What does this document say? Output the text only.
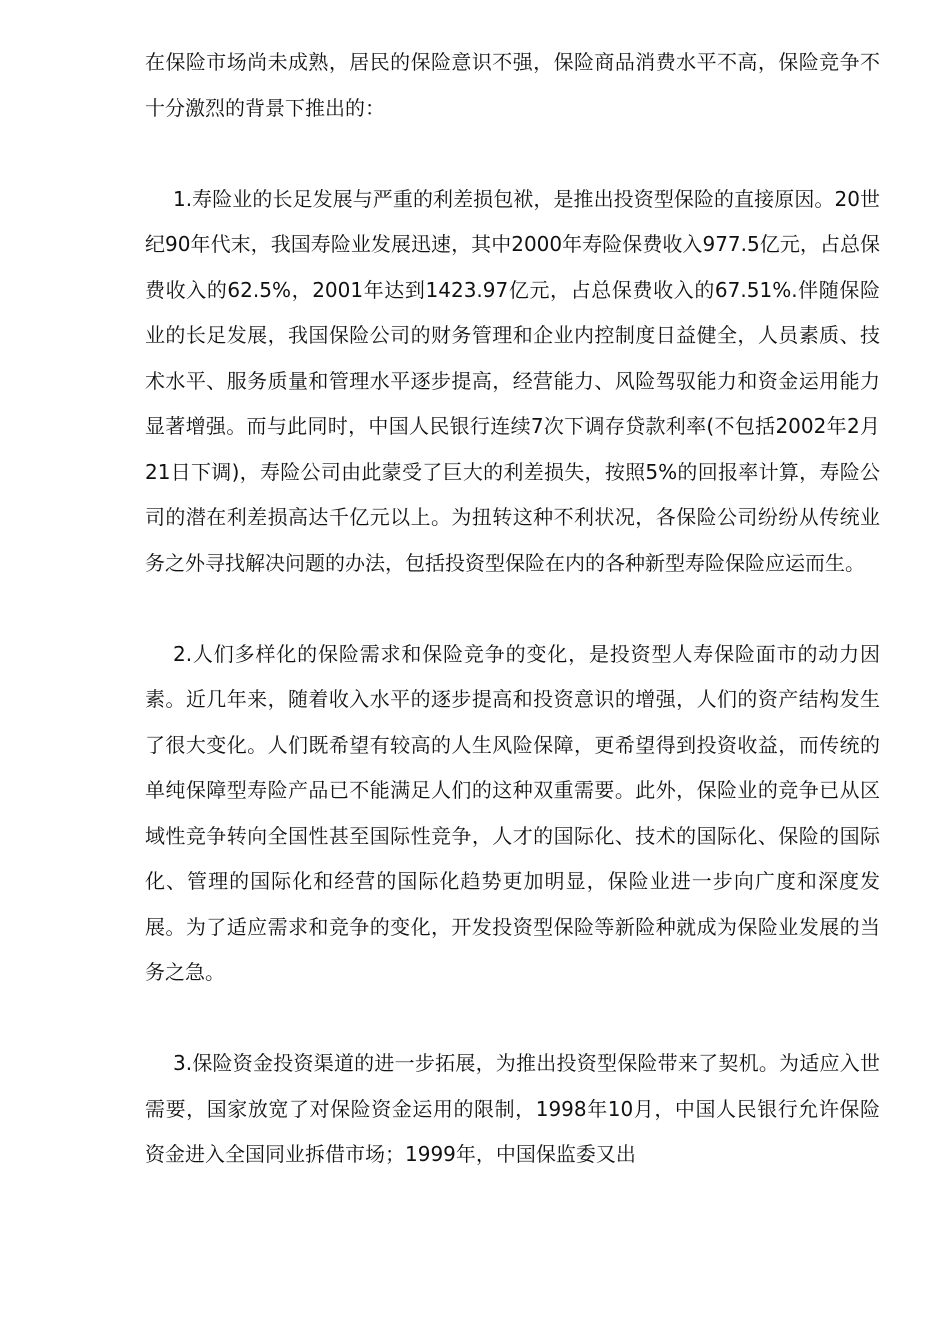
在保险市场尚未成熟，居民的保险意识不强，保险商品消费水平不高，保险竞争不十分激烈的背景下推出的：

1.寿险业的长足发展与严重的利差损包袱，是推出投资型保险的直接原因。20世纪90年代末，我国寿险业发展迅速，其中2000年寿险保费收入977.5亿元，占总保费收入的62.5%，2001年达到1423.97亿元，占总保费收入的67.51%.伴随保险业的长足发展，我国保险公司的财务管理和企业内控制度日益健全，人员素质、技术水平、服务质量和管理水平逐步提高，经营能力、风险驾驭能力和资金运用能力显著增强。而与此同时，中国人民银行连续7次下调存贷款利率(不包括2002年2月21日下调)，寿险公司由此蒙受了巨大的利差损失，按照5%的回报率计算，寿险公司的潜在利差损高达千亿元以上。为扭转这种不利状况，各保险公司纷纷从传统业务之外寻找解决问题的办法，包括投资型保险在内的各种新型寿险保险应运而生。

2.人们多样化的保险需求和保险竞争的变化，是投资型人寿保险面市的动力因素。近几年来，随着收入水平的逐步提高和投资意识的增强，人们的资产结构发生了很大变化。人们既希望有较高的人生风险保障，更希望得到投资收益，而传统的单纯保障型寿险产品已不能满足人们的这种双重需要。此外，保险业的竞争已从区域性竞争转向全国性甚至国际性竞争，人才的国际化、技术的国际化、保险的国际化、管理的国际化和经营的国际化趋势更加明显，保险业进一步向广度和深度发展。为了适应需求和竞争的变化，开发投资型保险等新险种就成为保险业发展的当务之急。

3.保险资金投资渠道的进一步拓展，为推出投资型保险带来了契机。为适应入世需要，国家放宽了对保险资金运用的限制，1998年10月，中国人民银行允许保险资金进入全国同业拆借市场；1999年，中国保监委又出
